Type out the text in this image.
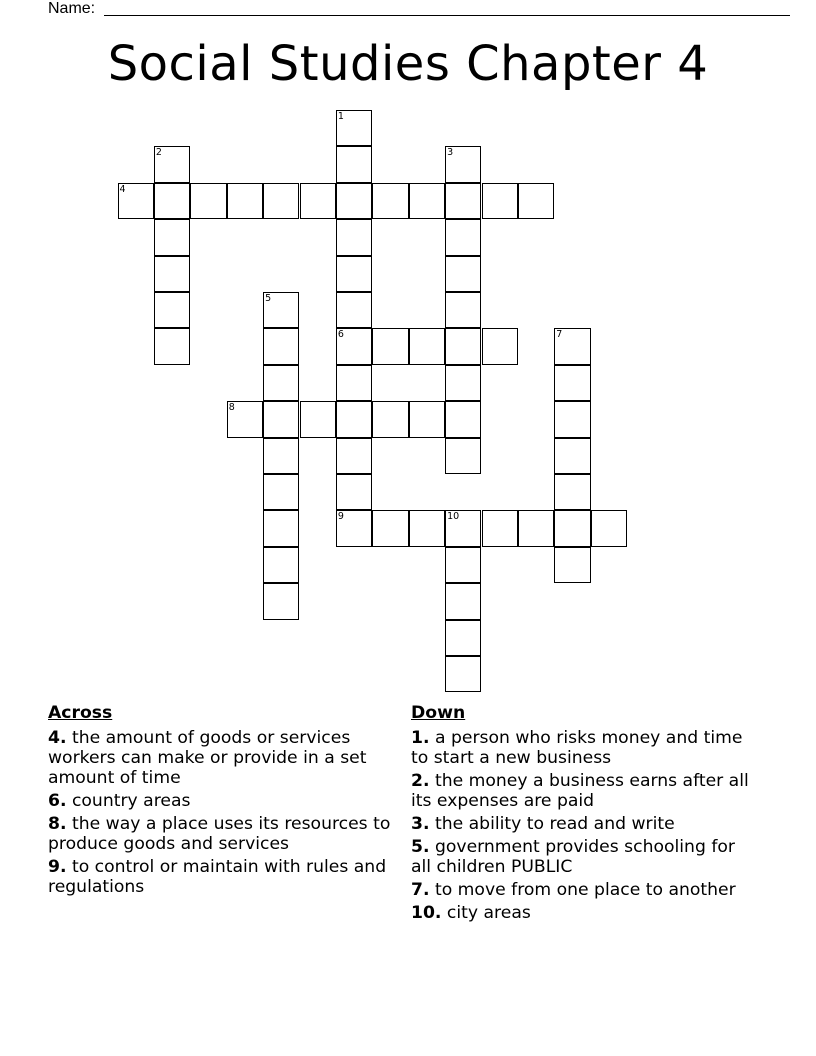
Name:
Social Studies Chapter 4
1
6
2	3
4
5
7
8
9	10
Across
4. the amount of goods or services workers can make or provide in a set amount of time
6. country areas
8. the way a place uses its resources to produce goods and services
9. to control or maintain with rules and regulations
Down
1. a person who risks money and time to start a new business
2. the money a business earns after all its expenses are paid
3. the ability to read and write
5. government provides schooling for all children PUBLIC
7. to move from one place to another
10. city areas
